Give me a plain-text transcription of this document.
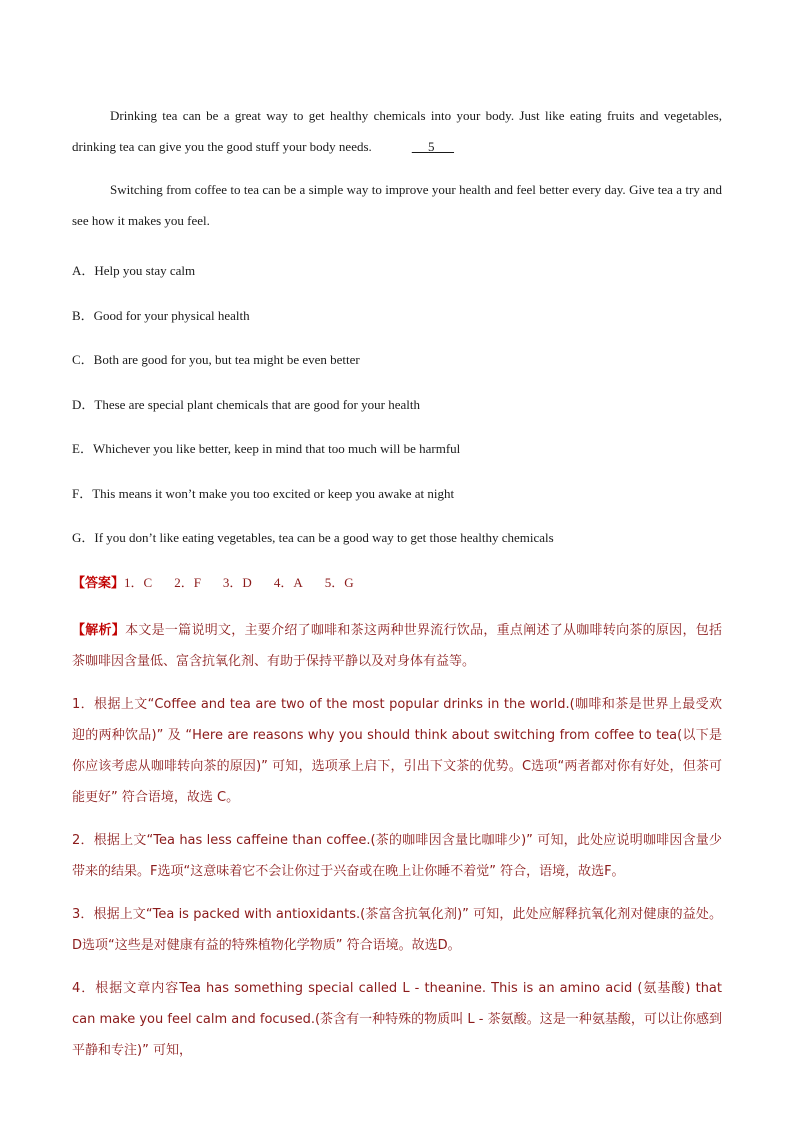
Drinking tea can be a great way to get healthy chemicals into your body. Just like eating fruits and vegetables, drinking tea can give you the good stuff your body needs.	5

Switching from coffee to tea can be a simple way to improve your health and feel better every day. Give tea a try and see how it makes you feel.

A．Help you stay calm

B．Good for your physical health

C．Both are good for you, but tea might be even better

D．These are special plant chemicals that are good for your health

E．Whichever you like better, keep in mind that too much will be harmful

F．This means it won’t make you too excited or keep you awake at night

G．If you don’t like eating vegetables, tea can be a good way to get those healthy chemicals

【答案】1．C 2．F 3．D 4．A 5．G

【解析】本文是一篇说明文，主要介绍了咖啡和茶这两种世界流行饮品，重点阐述了从咖啡转向茶的原因，包括茶咖啡因含量低、富含抗氧化剂、有助于保持平静以及对身体有益等。

1．根据上文“Coffee and tea are two of the most popular drinks in the world.(咖啡和茶是世界上最受欢迎的两种饮品)” 及 “Here are reasons why you should think about switching from coffee to tea(以下是你应该考虑从咖啡转向茶的原因)” 可知，选项承上启下，引出下文茶的优势。C选项“两者都对你有好处，但茶可能更好” 符合语境，故选 C。

2．根据上文“Tea has less caffeine than coffee.(茶的咖啡因含量比咖啡少)” 可知，此处应说明咖啡因含量少带来的结果。F选项“这意味着它不会让你过于兴奋或在晚上让你睡不着觉” 符合，语境，故选F。

3．根据上文“Tea is packed with antioxidants.(茶富含抗氧化剂)” 可知，此处应解释抗氧化剂对健康的益处。D选项“这些是对健康有益的特殊植物化学物质” 符合语境。故选D。

4．根据文章内容Tea has something special called L - theanine. This is an amino acid (氨基酸) that can make you feel calm and focused.(茶含有一种特殊的物质叫 L - 茶氨酸。这是一种氨基酸，可以让你感到平静和专注)” 可知，
